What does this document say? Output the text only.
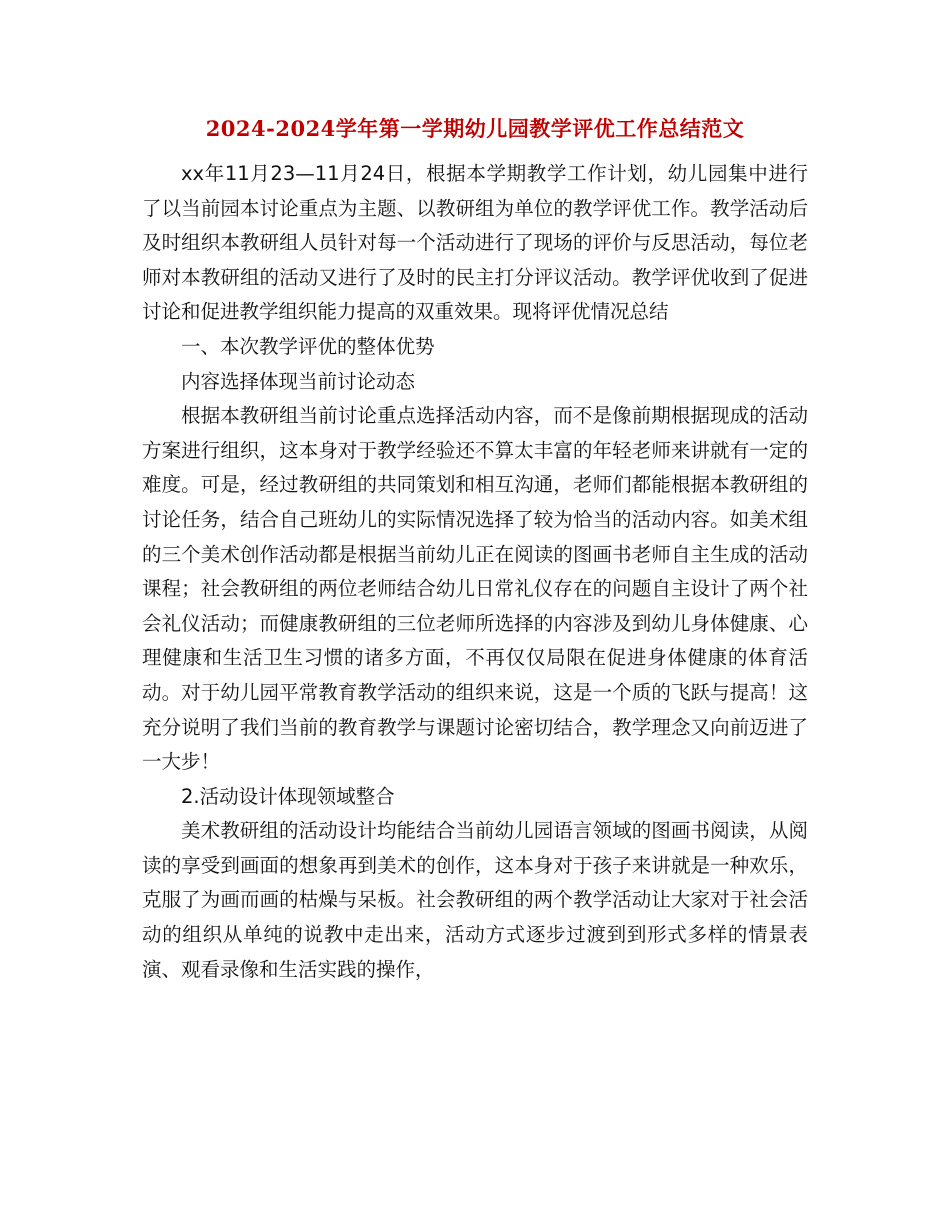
2024-2024学年第一学期幼儿园教学评优工作总结范文

xx年11月23—11月24日，根据本学期教学工作计划，幼儿园集中进行了以当前园本讨论重点为主题、以教研组为单位的教学评优工作。教学活动后及时组织本教研组人员针对每一个活动进行了现场的评价与反思活动，每位老师对本教研组的活动又进行了及时的民主打分评议活动。教学评优收到了促进讨论和促进教学组织能力提高的双重效果。现将评优情况总结

一、本次教学评优的整体优势

内容选择体现当前讨论动态

根据本教研组当前讨论重点选择活动内容，而不是像前期根据现成的活动方案进行组织，这本身对于教学经验还不算太丰富的年轻老师来讲就有一定的难度。可是，经过教研组的共同策划和相互沟通，老师们都能根据本教研组的讨论任务，结合自己班幼儿的实际情况选择了较为恰当的活动内容。如美术组的三个美术创作活动都是根据当前幼儿正在阅读的图画书老师自主生成的活动课程；社会教研组的两位老师结合幼儿日常礼仪存在的问题自主设计了两个社会礼仪活动；而健康教研组的三位老师所选择的内容涉及到幼儿身体健康、心理健康和生活卫生习惯的诸多方面，不再仅仅局限在促进身体健康的体育活动。对于幼儿园平常教育教学活动的组织来说，这是一个质的飞跃与提高！这充分说明了我们当前的教育教学与课题讨论密切结合，教学理念又向前迈进了一大步！

2.活动设计体现领域整合

美术教研组的活动设计均能结合当前幼儿园语言领域的图画书阅读，从阅读的享受到画面的想象再到美术的创作，这本身对于孩子来讲就是一种欢乐，克服了为画而画的枯燥与呆板。社会教研组的两个教学活动让大家对于社会活动的组织从单纯的说教中走出来，活动方式逐步过渡到到形式多样的情景表演、观看录像和生活实践的操作，
